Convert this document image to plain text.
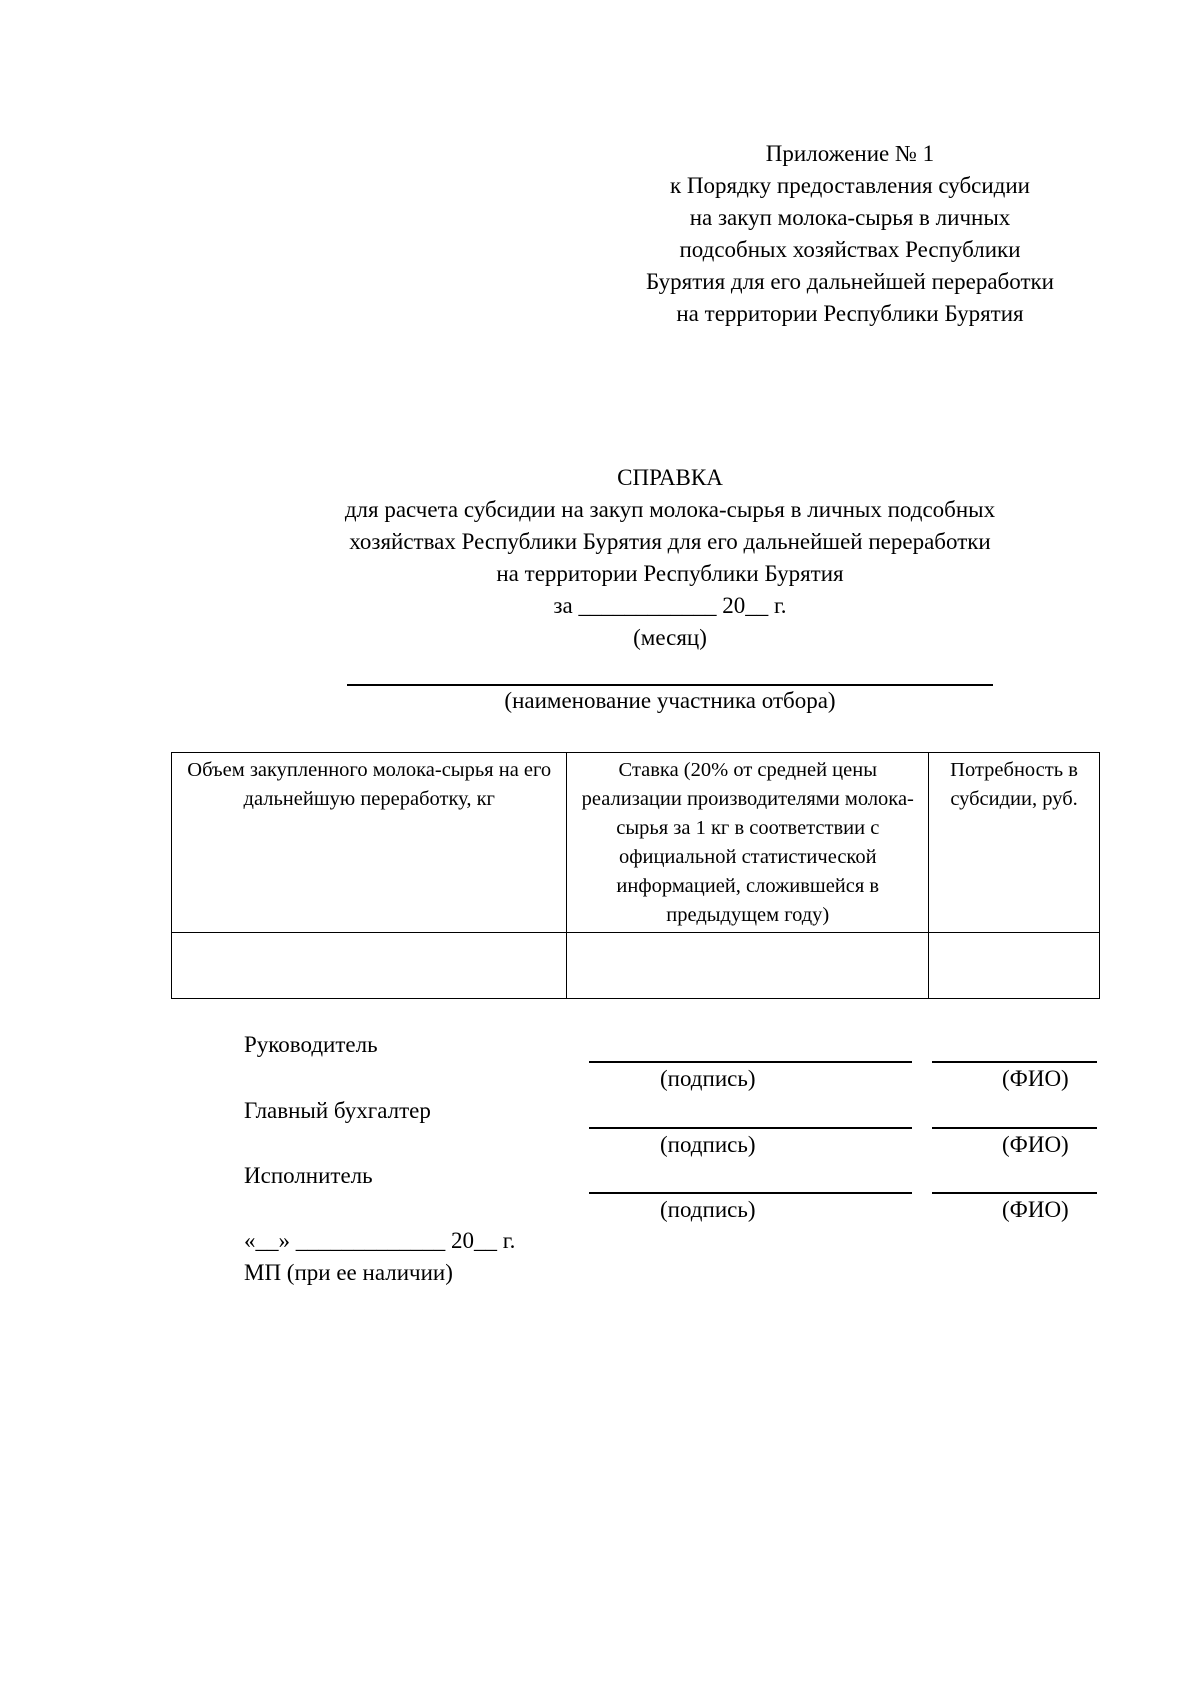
Приложение № 1
к Порядку предоставления субсидии
на закуп молока-сырья в личных
подсобных хозяйствах Республики
Бурятия для его дальнейшей переработки
на территории Республики Бурятия
СПРАВКА
для расчета субсидии на закуп молока-сырья в личных подсобных
хозяйствах Республики Бурятия для его дальнейшей переработки
на территории Республики Бурятия
за ____________ 20__ г.
(месяц)
(наименование участника отбора)
Объем закупленного молока-сырья на его дальнейшую переработку, кг	Ставка (20% от средней цены реализации производителями молока-сырья за 1 кг в соответствии с официальной статистической информацией, сложившейся в предыдущем году)	Потребность в субсидии, руб.

Руководитель
(подпись)	(ФИО)
Главный бухгалтер
(подпись)	(ФИО)
Исполнитель
(подпись)	(ФИО)
«__» _____________ 20__ г.
МП (при ее наличии)
